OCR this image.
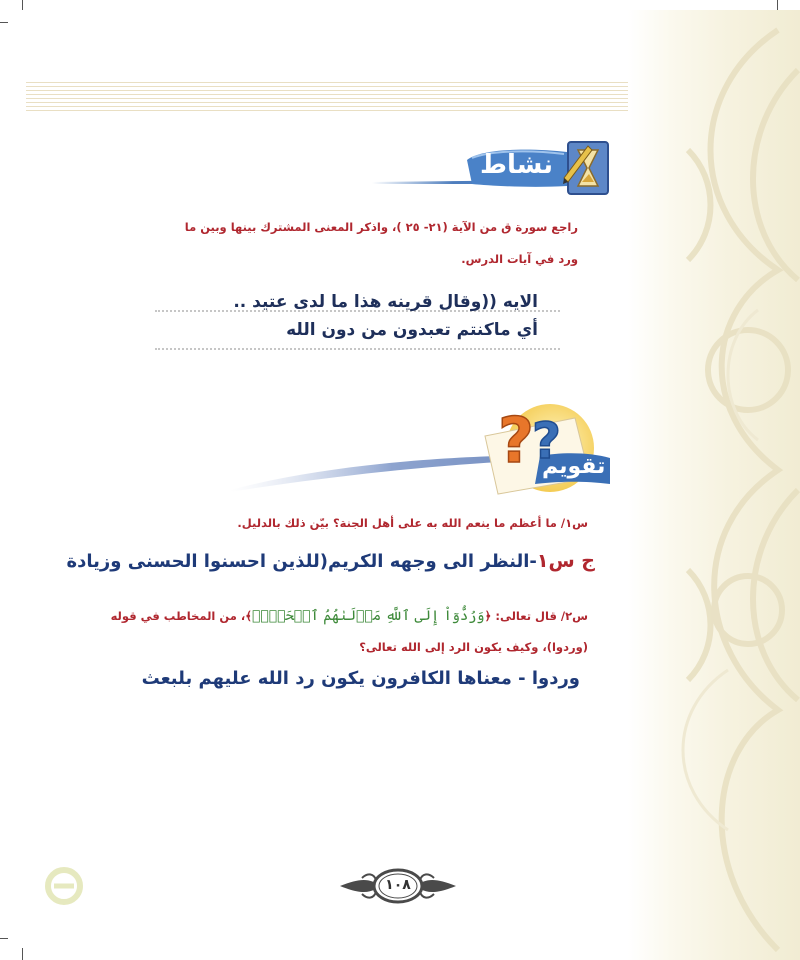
نشاط
راجع سورة ق من الآية (٢١- ٢٥ )، واذكر المعنى المشترك بينها وبين ما
ورد في آيات الدرس.
الايه ((وقال قرينه هذا ما لدى عتيد ..
أي ماكنتم تعبدون من دون الله
?
?
تقويم
س١/ ما أعظم ما ينعم الله به على أهل الجنة؟ بيّن ذلك بالدليل.
ج س١-النظر الى وجهه الكريم(للذين احسنوا الحسنى وزيادة
س٢/ قال تعالى: ﴿وَرُدُّوٓاْ إِلَى ٱللَّهِ مَوۡلَىٰهُمُ ٱلۡحَقِّۚ﴾، من المخاطب في قوله
(وردوا)، وكيف يكون الرد إلى الله تعالى؟
وردوا - معناها الكافرون يكون رد الله عليهم بلبعث
١٠٨
